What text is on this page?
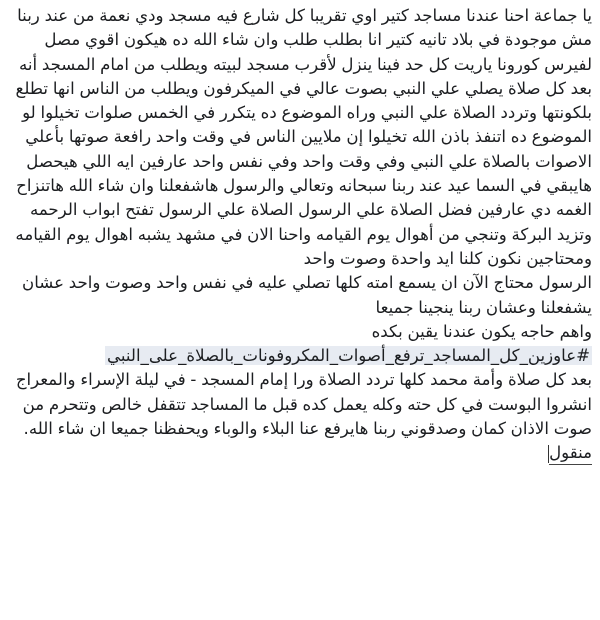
يا جماعة احنا عندنا مساجد كتير اوي تقريبا كل شارع فيه مسجد ودي نعمة من عند ربنا مش موجودة في بلاد تانيه كتير انا بطلب طلب وان شاء الله ده هيكون اقوي مصل لفيرس كورونا ياريت كل حد فينا ينزل لأقرب مسجد لبيته ويطلب من امام المسجد أنه بعد كل صلاة يصلي علي النبي بصوت عالي في الميكرفون ويطلب من الناس انها تطلع بلكونتها وتردد الصلاة علي النبي وراه الموضوع ده يتكرر في الخمس صلوات تخيلوا لو الموضوع ده اتنفذ باذن الله تخيلوا إن ملايين الناس في وقت واحد رافعة صوتها بأعلي الاصوات بالصلاة علي النبي وفي وقت واحد وفي نفس واحد عارفين ايه اللي هيحصل هايبقي في السما عيد عند ربنا سبحانه وتعالي والرسول هاشفعلنا وان شاء الله هاتنزاح الغمه دي عارفين فضل الصلاة علي الرسول الصلاة علي الرسول تفتح ابواب الرحمه وتزيد البركة وتنجي من أهوال يوم القيامه واحنا الان في مشهد يشبه اهوال يوم القيامه ومحتاجين نكون كلنا ايد واحدة وصوت واحد

الرسول محتاج الآن ان يسمع امته كلها تصلي عليه في نفس واحد وصوت واحد عشان يشفعلنا وعشان ربنا ينجينا جميعا

واهم حاجه يكون عندنا يقين بكده

#عاوزين_كل_المساجد_ترفع_أصوات_المكروفونات_بالصلاة_على_النبي

بعد كل صلاة وأمة محمد كلها تردد الصلاة ورا إمام المسجد - في ليلة الإسراء والمعراج

انشروا البوست في كل حته وكله يعمل كده قبل ما المساجد تتقفل خالص وتتحرم من صوت الاذان كمان وصدقوني ربنا هايرفع عنا البلاء والوباء ويحفظنا جميعا ان شاء الله.

منقول
